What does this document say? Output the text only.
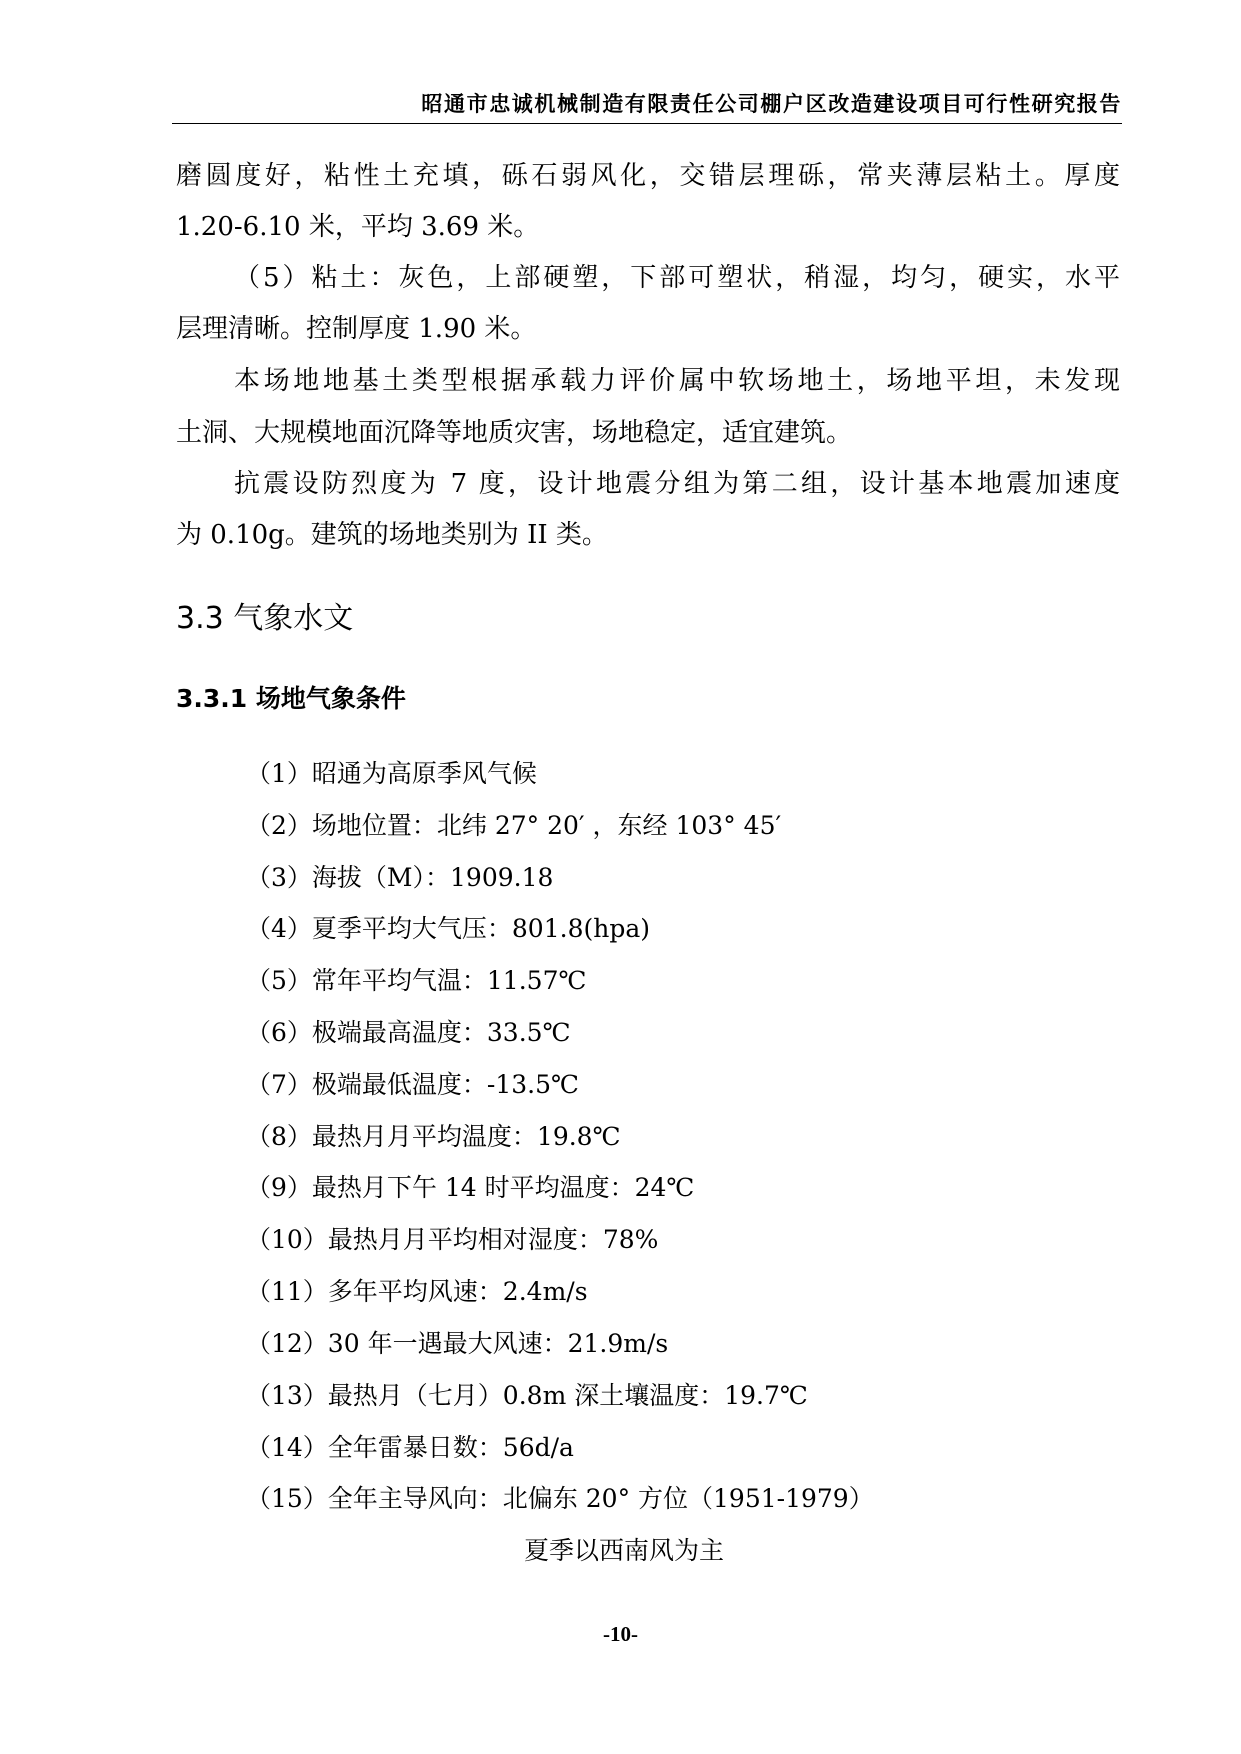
昭通市忠诚机械制造有限责任公司棚户区改造建设项目可行性研究报告
磨圆度好，粘性土充填，砾石弱风化，交错层理砾，常夹薄层粘土。厚度
1.20-6.10 米，平均 3.69 米。
（5）粘土：灰色，上部硬塑，下部可塑状，稍湿，均匀，硬实，水平
层理清晰。控制厚度 1.90 米。
本场地地基土类型根据承载力评价属中软场地土，场地平坦，未发现
土洞、大规模地面沉降等地质灾害，场地稳定，适宜建筑。
抗震设防烈度为 7 度，设计地震分组为第二组，设计基本地震加速度
为 0.10g。建筑的场地类别为 II 类。
3.3 气象水文
3.3.1 场地气象条件
（1）昭通为高原季风气候
（2）场地位置：北纬 27° 20′ ，东经 103° 45′
（3）海拔（M）：1909.18
（4）夏季平均大气压：801.8(hpa)
（5）常年平均气温：11.57℃
（6）极端最高温度：33.5℃
（7）极端最低温度：-13.5℃
（8）最热月月平均温度：19.8℃
（9）最热月下午 14 时平均温度：24℃
（10）最热月月平均相对湿度：78%
（11）多年平均风速：2.4m/s
（12）30 年一遇最大风速：21.9m/s
（13）最热月（七月）0.8m 深土壤温度：19.7℃
（14）全年雷暴日数：56d/a
（15）全年主导风向：北偏东 20° 方位（1951-1979）
夏季以西南风为主
-10-
